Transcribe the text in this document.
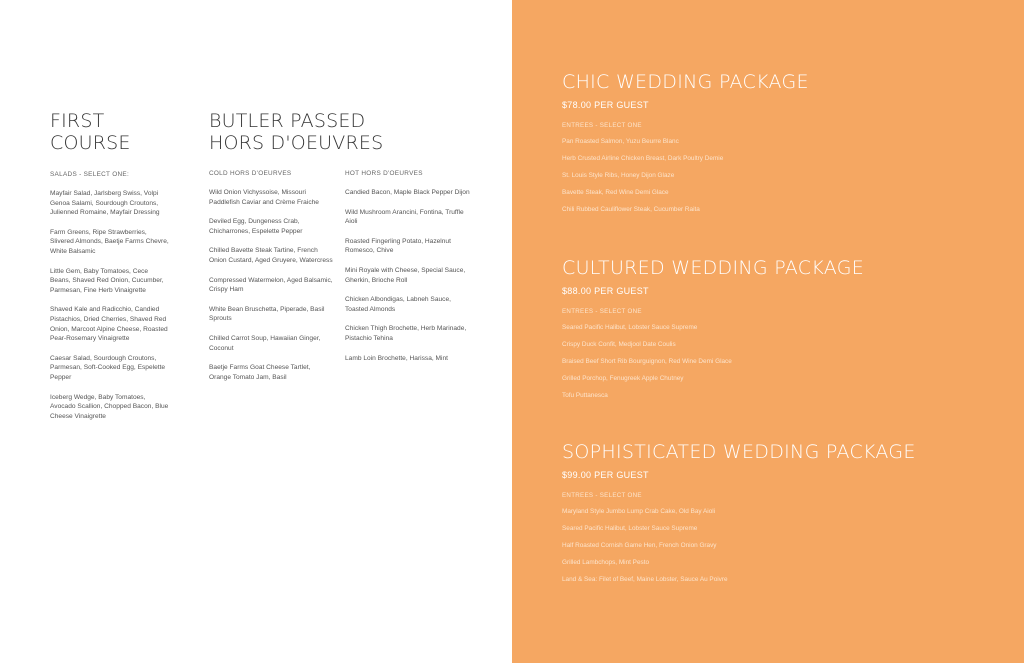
FIRST
COURSE
SALADS - SELECT ONE:
Mayfair Salad, Jarlsberg Swiss, Volpi Genoa Salami, Sourdough Croutons, Julienned Romaine, Mayfair Dressing
Farm Greens, Ripe Strawberries, Slivered Almonds, Baetje Farms Chevre, White Balsamic
Little Gem, Baby Tomatoes, Cece Beans, Shaved Red Onion, Cucumber, Parmesan, Fine Herb Vinaigrette
Shaved Kale and Radicchio, Candied Pistachios, Dried Cherries, Shaved Red Onion, Marcoot Alpine Cheese, Roasted Pear-Rosemary Vinaigrette
Caesar Salad, Sourdough Croutons, Parmesan, Soft-Cooked Egg, Espelette Pepper
Iceberg Wedge, Baby Tomatoes, Avocado Scallion, Chopped Bacon, Blue Cheese Vinaigrette
BUTLER PASSED
HORS D'OEUVRES
COLD HORS D'OEURVES
Wild Onion Vichyssoise, Missouri Paddlefish Caviar and Crème Fraiche
Deviled Egg, Dungeness Crab, Chicharrones, Espelette Pepper
Chilled Bavette Steak Tartine, French Onion Custard, Aged Gruyere, Watercress
Compressed Watermelon, Aged Balsamic, Crispy Ham
White Bean Bruschetta, Piperade, Basil Sprouts
Chilled Carrot Soup, Hawaiian Ginger, Coconut
Baetje Farms Goat Cheese Tartlet, Orange Tomato Jam, Basil
HOT HORS D'OEURVES
Candied Bacon, Maple Black Pepper Dijon
Wild Mushroom Arancini, Fontina, Truffle Aioli
Roasted Fingerling Potato, Hazelnut Romesco, Chive
Mini Royale with Cheese, Special Sauce, Gherkin, Brioche Roll
Chicken Albondigas, Labneh Sauce, Toasted Almonds
Chicken Thigh Brochette, Herb Marinade, Pistachio Tehina
Lamb Loin Brochette, Harissa, Mint
CHIC WEDDING PACKAGE
$78.00 PER GUEST
ENTREES - SELECT ONE
Pan Roasted Salmon, Yuzu Beurre Blanc
Herb Crusted Airline Chicken Breast, Dark Poultry Demie
St. Louis Style Ribs, Honey Dijon Glaze
Bavette Steak, Red Wine Demi Glace
Chili Rubbed Cauliflower Steak, Cucumber Raita
CULTURED WEDDING PACKAGE
$88.00 PER GUEST
ENTREES - SELECT ONE
Seared Pacific Halibut, Lobster Sauce Supreme
Crispy Duck Confit, Medjool Date Coulis
Braised Beef Short Rib Bourguignon, Red Wine Demi Glace
Grilled Porchop, Fenugreek Apple Chutney
Tofu Puttanesca
SOPHISTICATED WEDDING PACKAGE
$99.00 PER GUEST
ENTREES - SELECT ONE
Maryland Style Jumbo Lump Crab Cake, Old Bay Aioli
Seared Pacific Halibut, Lobster Sauce Supreme
Half Roasted Cornish Game Hen, French Onion Gravy
Grilled Lambchops, Mint Pesto
Land & Sea: Filet of Beef, Maine Lobster, Sauce Au Poivre
